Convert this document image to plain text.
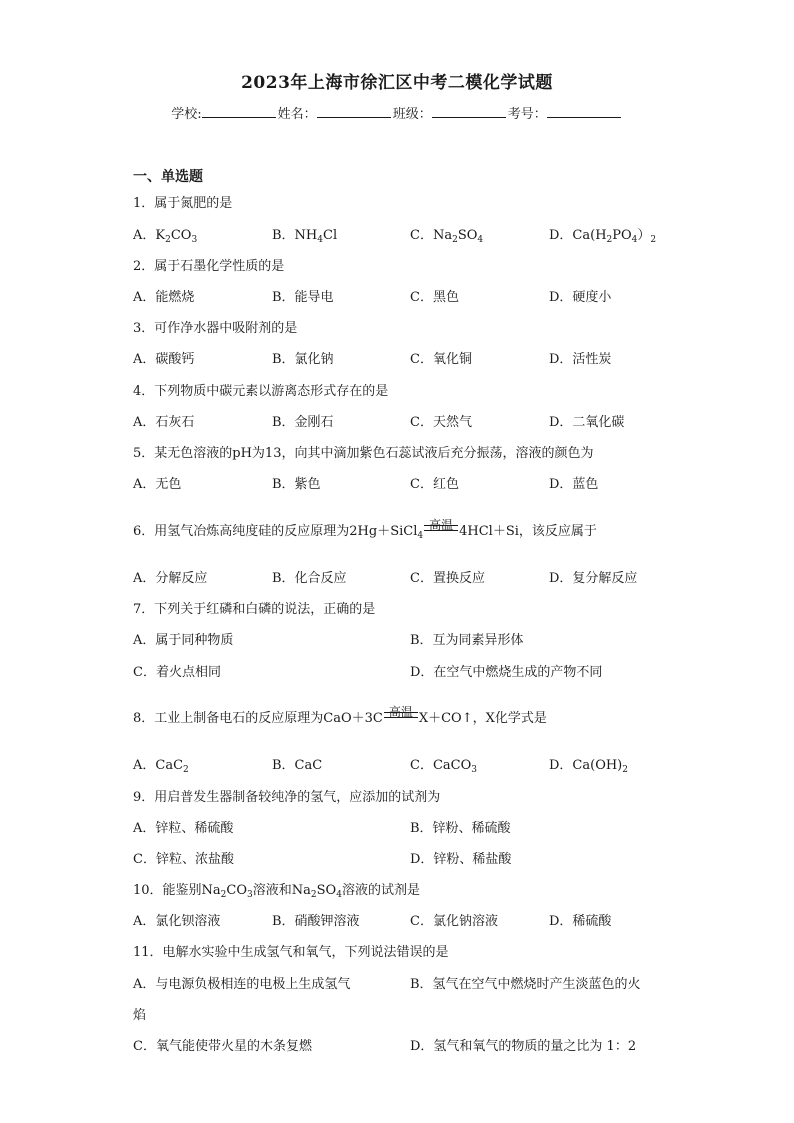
2023年上海市徐汇区中考二模化学试题
学校:	姓名：	班级：	考号：
一、单选题
1．属于氮肥的是
A．$K_2CO_3$	B．$NH_4Cl$	C．$Na_2SO_4$	D．$Ca(H_2PO_4)_2$
2．属于石墨化学性质的是
A．能燃烧	B．能导电	C．黑色	D．硬度小
3．可作净水器中吸附剂的是
A．碳酸钙	B．氯化钠	C．氧化铜	D．活性炭
4．下列物质中碳元素以游离态形式存在的是
A．石灰石	B．金刚石	C．天然气	D．二氧化碳
5．某无色溶液的pH为13，向其中滴加紫色石蕊试液后充分振荡，溶液的颜色为
A．无色	B．紫色	C．红色	D．蓝色
6．用氢气冶炼高纯度硅的反应原理为2Hg＋SiCl$_4$
高温 4HCl＋Si，该反应属于
A．分解反应	B．化合反应	C．置换反应	D．复分解反应
7．下列关于红磷和白磷的说法，正确的是
A．属于同种物质	B．互为同素异形体
C．着火点相同	D．在空气中燃烧生成的产物不同
8．工业上制备电石的反应原理为CaO＋3C 高温 X＋CO↑，X化学式是
A．CaC$_2$	B．CaC	C．CaCO$_3$	D．$Ca(OH)_2$
9．用启普发生器制备较纯净的氢气，应添加的试剂为
A．锌粒、稀硫酸	B．锌粉、稀硫酸
C．锌粒、浓盐酸	D．锌粉、稀盐酸
10．能鉴别$Na_2CO_3$溶液和$Na_2SO_4$溶液的试剂是
A．氯化钡溶液	B．硝酸钾溶液	C．氯化钠溶液	D．稀硫酸
11．电解水实验中生成氢气和氧气，下列说法错误的是
A．与电源负极相连的电极上生成氢气	B．氢气在空气中燃烧时产生淡蓝色的火
焰
C．氧气能使带火星的木条复燃	D．氢气和氧气的物质的量之比为 1：2
